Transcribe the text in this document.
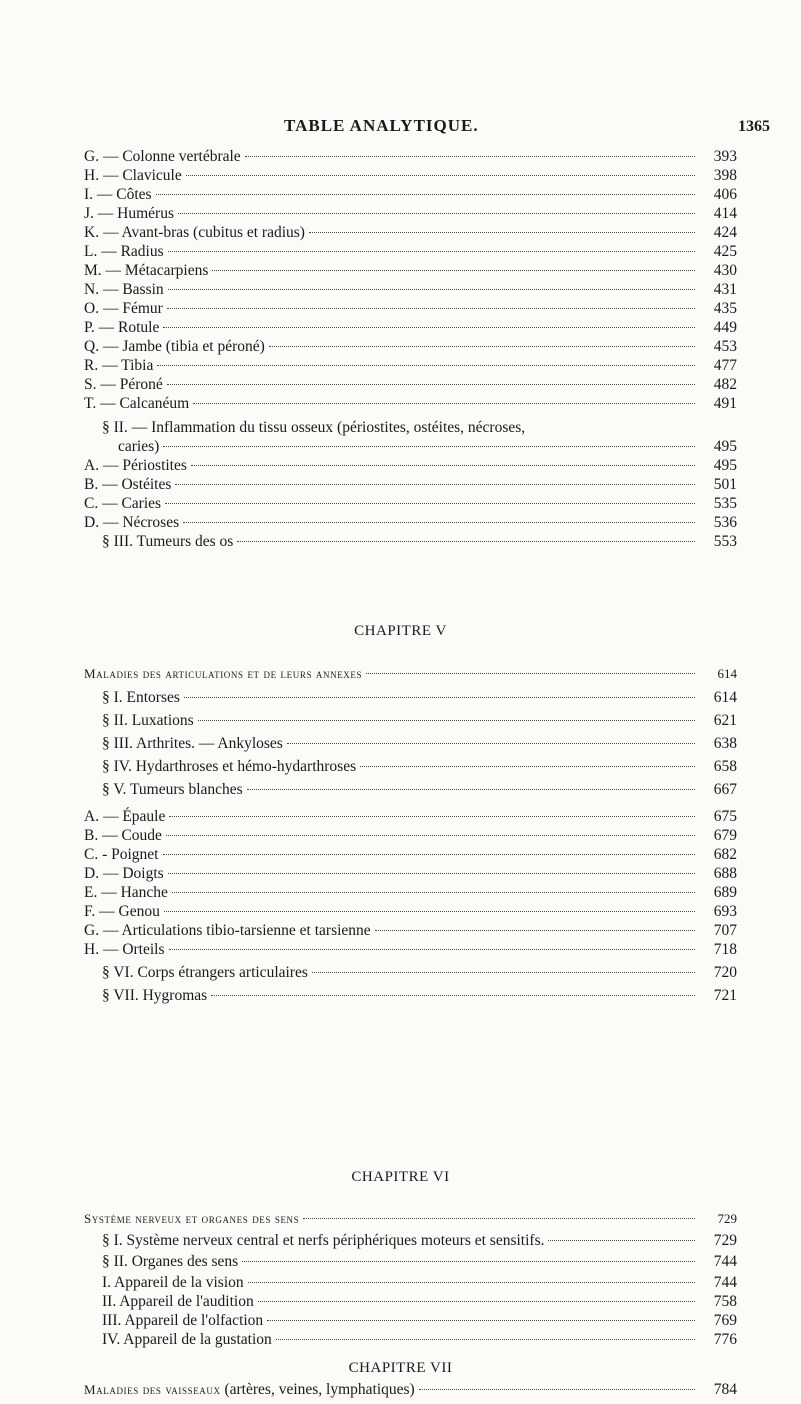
TABLE ANALYTIQUE.	1365
G. — Colonne vertébrale	393
H. — Clavicule	398
I. — Côtes	406
J. — Humérus	414
K. — Avant-bras (cubitus et radius)	424
L. — Radius	425
M. — Métacarpiens	430
N. — Bassin	431
O. — Fémur	435
P. — Rotule	449
Q. — Jambe (tibia et péroné)	453
R. — Tibia	477
S. — Péroné	482
T. — Calcanéum	491
§ II. — Inflammation du tissu osseux (périostites, ostéites, nécroses,
caries)	495
A. — Périostites	495
B. — Ostéites	501
C. — Caries	535
D. — Nécroses	536
§ III. Tumeurs des os	553
CHAPITRE V
Maladies des articulations et de leurs annexes	614
§ I. Entorses	614
§ II. Luxations	621
§ III. Arthrites. — Ankyloses	638
§ IV. Hydarthroses et hémo-hydarthroses	658
§ V. Tumeurs blanches	667
A. — Épaule	675
B. — Coude	679
C. - Poignet	682
D. — Doigts	688
E. — Hanche	689
F. — Genou	693
G. — Articulations tibio-tarsienne et tarsienne	707
H. — Orteils	718
§ VI. Corps étrangers articulaires	720
§ VII. Hygromas	721
CHAPITRE VI
Système nerveux et organes des sens	729
§ I. Système nerveux central et nerfs périphériques moteurs et sensitifs.	729
§ II. Organes des sens	744
I. Appareil de la vision	744
II. Appareil de l'audition	758
III. Appareil de l'olfaction	769
IV. Appareil de la gustation	776
CHAPITRE VII
Maladies des vaisseaux (artères, veines, lymphatiques)	784
